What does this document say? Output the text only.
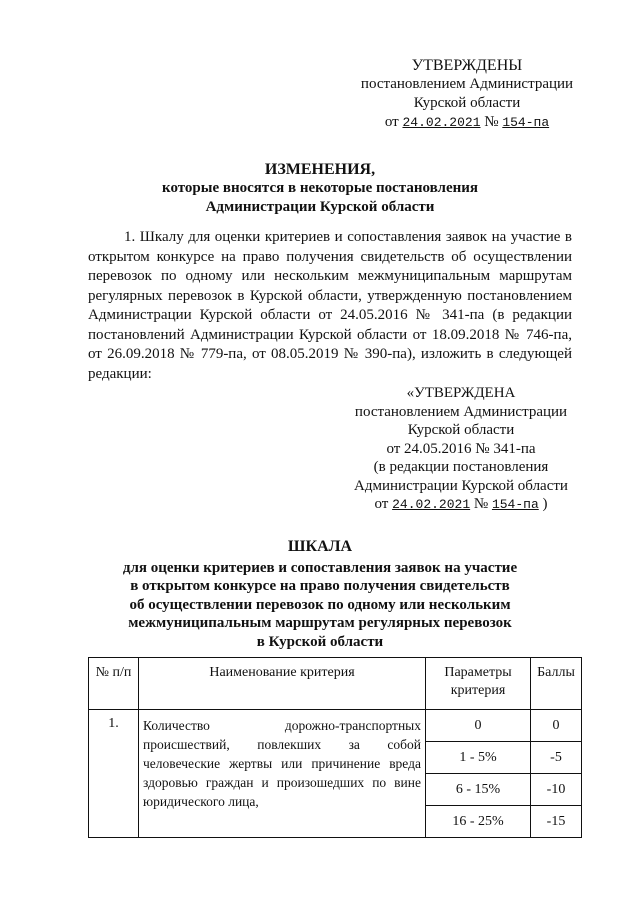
УТВЕРЖДЕНЫ
постановлением Администрации
Курской области
от 24.02.2021 № 154-па
ИЗМЕНЕНИЯ,
которые вносятся в некоторые постановления
Администрации Курской области
1. Шкалу для оценки критериев и сопоставления заявок на участие в открытом конкурсе на право получения свидетельств об осуществлении перевозок по одному или нескольким межмуниципальным маршрутам регулярных перевозок в Курской области, утвержденную постановлением Администрации Курской области от 24.05.2016 № 341-па (в редакции постановлений Администрации Курской области от 18.09.2018 № 746-па, от 26.09.2018 № 779-па, от 08.05.2019 № 390-па), изложить в следующей редакции:
«УТВЕРЖДЕНА
постановлением Администрации
Курской области
от 24.05.2016 № 341-па
(в редакции постановления
Администрации Курской области
от 24.02.2021 № 154-па )
ШКАЛА
для оценки критериев и сопоставления заявок на участие
в открытом конкурсе на право получения свидетельств
об осуществлении перевозок по одному или нескольким
межмуниципальным маршрутам регулярных перевозок
в Курской области
№ п/п	Наименование критерия	Параметры критерия	Баллы
1.	Количество дорожно-транспортных происшествий, повлекших за собой человеческие жертвы или причинение вреда здоровью граждан и произошедших по вине юридического лица,	0	0
		1 - 5%	-5
		6 - 15%	-10
		16 - 25%	-15
